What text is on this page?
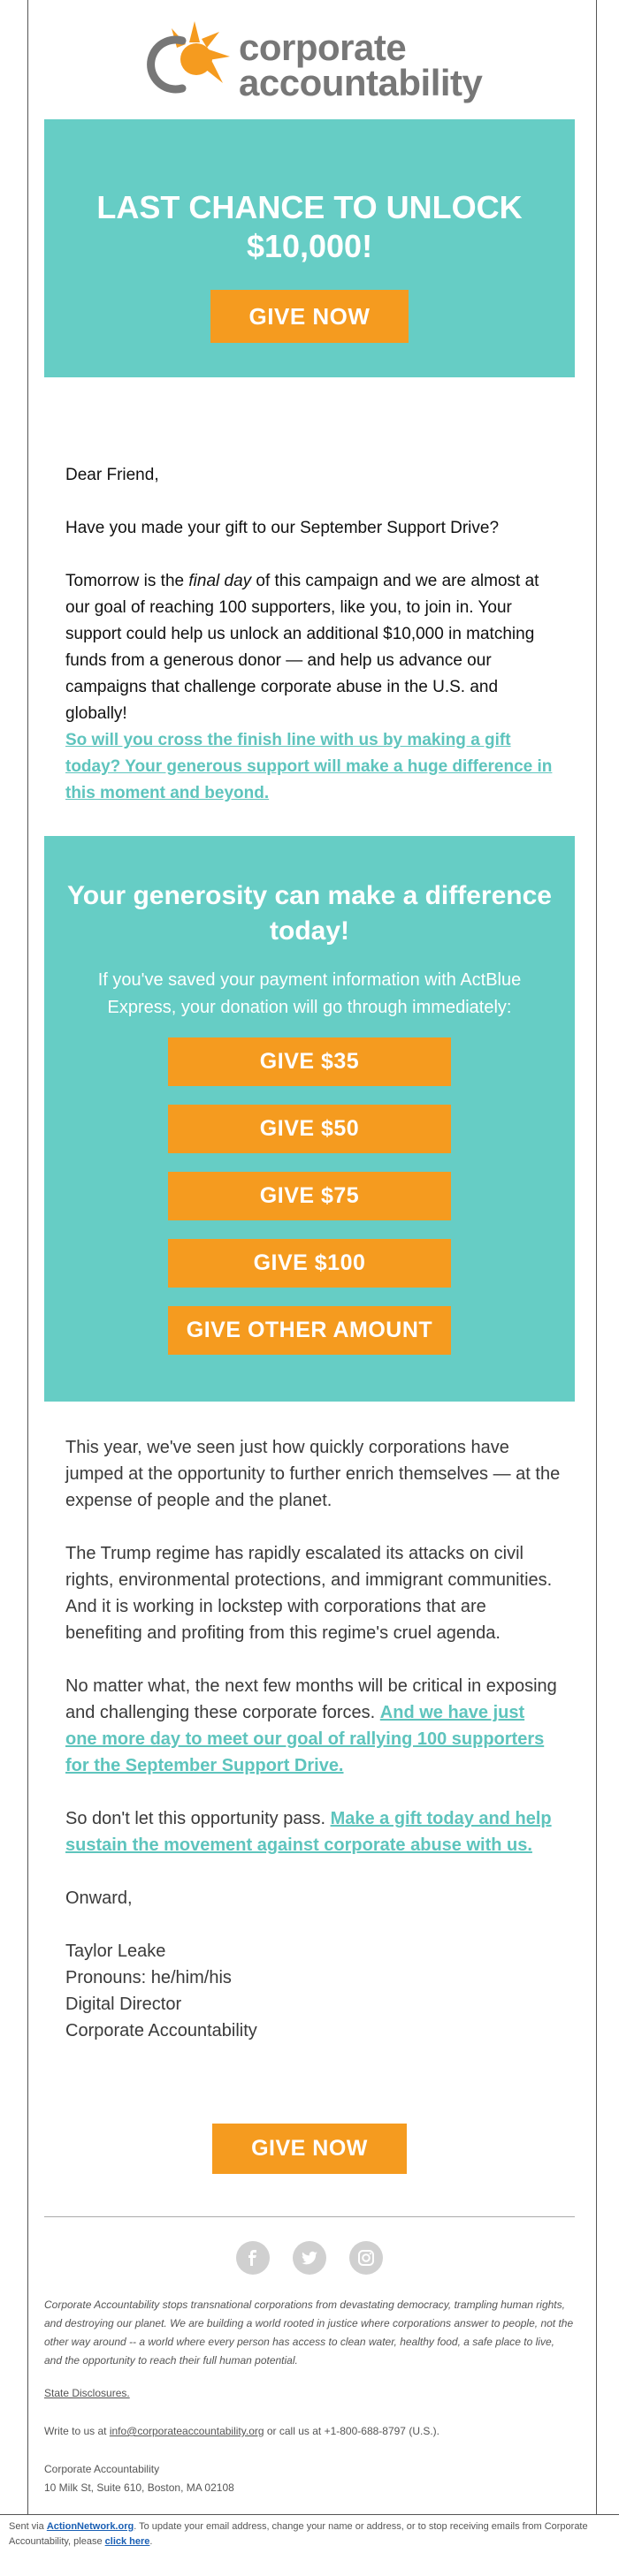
corporate
accountability
LAST CHANCE TO UNLOCK $10,000!
GIVE NOW
Dear Friend,
Have you made your gift to our September Support Drive?
Tomorrow is the final day of this campaign and we are almost at our goal of reaching 100 supporters, like you, to join in. Your support could help us unlock an additional $10,000 in matching funds from a generous donor — and help us advance our campaigns that challenge corporate abuse in the U.S. and globally!
So will you cross the finish line with us by making a gift today? Your generous support will make a huge difference in this moment and beyond.
Your generosity can make a difference today!
If you've saved your payment information with ActBlue Express, your donation will go through immediately:
GIVE $35
GIVE $50
GIVE $75
GIVE $100
GIVE OTHER AMOUNT
This year, we've seen just how quickly corporations have jumped at the opportunity to further enrich themselves — at the expense of people and the planet.
The Trump regime has rapidly escalated its attacks on civil rights, environmental protections, and immigrant communities. And it is working in lockstep with corporations that are benefiting and profiting from this regime's cruel agenda.
No matter what, the next few months will be critical in exposing and challenging these corporate forces. And we have just one more day to meet our goal of rallying 100 supporters for the September Support Drive.
So don't let this opportunity pass. Make a gift today and help sustain the movement against corporate abuse with us.
Onward,
Taylor Leake
Pronouns: he/him/his
Digital Director
Corporate Accountability
GIVE NOW
Corporate Accountability stops transnational corporations from devastating democracy, trampling human rights, and destroying our planet. We are building a world rooted in justice where corporations answer to people, not the other way around -- a world where every person has access to clean water, healthy food, a safe place to live, and the opportunity to reach their full human potential.
State Disclosures.
Write to us at info@corporateaccountability.org or call us at +1-800-688-8797 (U.S.).
Corporate Accountability
10 Milk St, Suite 610, Boston, MA 02108
Sent via ActionNetwork.org. To update your email address, change your name or address, or to stop receiving emails from Corporate Accountability, please click here.
